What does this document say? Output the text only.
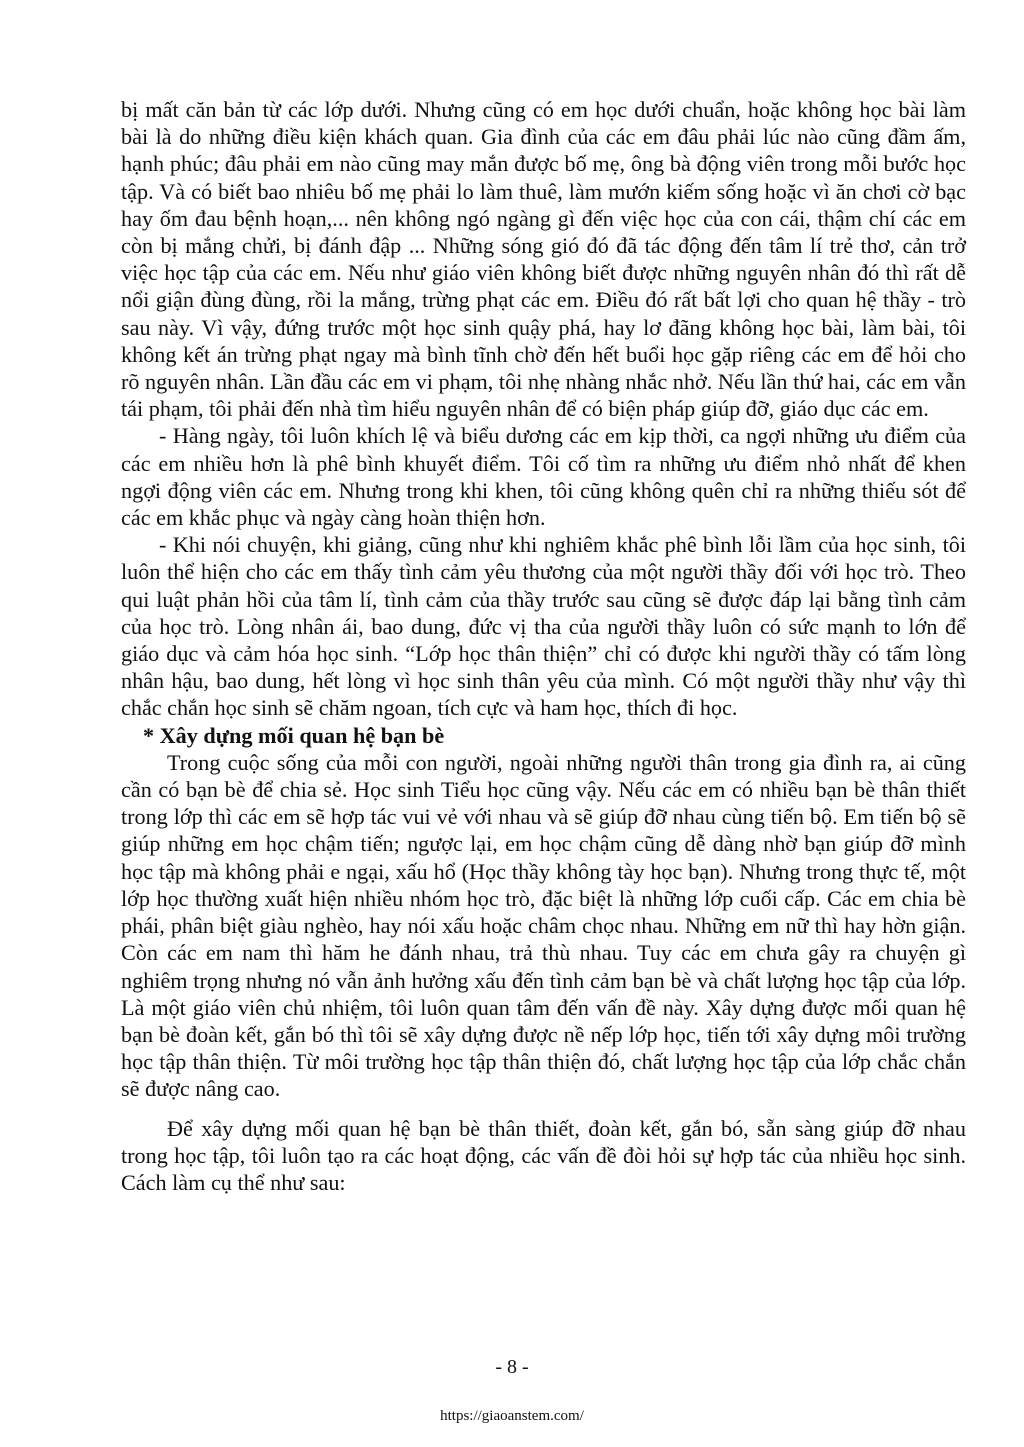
bị mất căn bản từ các lớp dưới. Nhưng cũng có em học dưới chuẩn, hoặc không học bài làm bài là do những điều kiện khách quan. Gia đình của các em đâu phải lúc nào cũng đầm ấm, hạnh phúc; đâu phải em nào cũng may mắn được bố mẹ, ông bà động viên trong mỗi bước học tập. Và có biết bao nhiêu bố mẹ phải lo làm thuê, làm mướn kiếm sống hoặc vì ăn chơi cờ bạc hay ốm đau bệnh hoạn,... nên không ngó ngàng gì đến việc học của con cái, thậm chí các em còn bị mắng chửi, bị đánh đập ... Những sóng gió đó đã tác động đến tâm lí trẻ thơ, cản trở việc học tập của các em. Nếu như giáo viên không biết được những nguyên nhân đó thì rất dễ nổi giận đùng đùng, rồi la mắng, trừng phạt các em. Điều đó rất bất lợi cho quan hệ thầy - trò sau này. Vì vậy, đứng trước một học sinh quậy phá, hay lơ đãng không học bài, làm bài, tôi không kết án trừng phạt ngay mà bình tĩnh chờ đến hết buổi học gặp riêng các em để hỏi cho rõ nguyên nhân. Lần đầu các em vi phạm, tôi nhẹ nhàng nhắc nhở. Nếu lần thứ hai, các em vẫn tái phạm, tôi phải đến nhà tìm hiểu nguyên nhân để có biện pháp giúp đỡ, giáo dục các em.

- Hàng ngày, tôi luôn khích lệ và biểu dương các em kịp thời, ca ngợi những ưu điểm của các em nhiều hơn là phê bình khuyết điểm. Tôi cố tìm ra những ưu điểm nhỏ nhất để khen ngợi động viên các em. Nhưng trong khi khen, tôi cũng không quên chỉ ra những thiếu sót để các em khắc phục và ngày càng hoàn thiện hơn.

- Khi nói chuyện, khi giảng, cũng như khi nghiêm khắc phê bình lỗi lầm của học sinh, tôi luôn thể hiện cho các em thấy tình cảm yêu thương của một người thầy đối với học trò. Theo qui luật phản hồi của tâm lí, tình cảm của thầy trước sau cũng sẽ được đáp lại bằng tình cảm của học trò. Lòng nhân ái, bao dung, đức vị tha của người thầy luôn có sức mạnh to lớn để giáo dục và cảm hóa học sinh. “Lớp học thân thiện” chỉ có được khi người thầy có tấm lòng nhân hậu, bao dung, hết lòng vì học sinh thân yêu của mình. Có một người thầy như vậy thì chắc chắn học sinh sẽ chăm ngoan, tích cực và ham học, thích đi học.

* Xây dựng mối quan hệ bạn bè

Trong cuộc sống của mỗi con người, ngoài những người thân trong gia đình ra, ai cũng cần có bạn bè để chia sẻ. Học sinh Tiểu học cũng vậy. Nếu các em có nhiều bạn bè thân thiết trong lớp thì các em sẽ hợp tác vui vẻ với nhau và sẽ giúp đỡ nhau cùng tiến bộ. Em tiến bộ sẽ giúp những em học chậm tiến; ngược lại, em học chậm cũng dễ dàng nhờ bạn giúp đỡ mình học tập mà không phải e ngại, xấu hổ (Học thầy không tày học bạn). Nhưng trong thực tế, một lớp học thường xuất hiện nhiều nhóm học trò, đặc biệt là những lớp cuối cấp. Các em chia bè phái, phân biệt giàu nghèo, hay nói xấu hoặc châm chọc nhau. Những em nữ thì hay hờn giận. Còn các em nam thì hăm he đánh nhau, trả thù nhau. Tuy các em chưa gây ra chuyện gì nghiêm trọng nhưng nó vẫn ảnh hưởng xấu đến tình cảm bạn bè và chất lượng học tập của lớp. Là một giáo viên chủ nhiệm, tôi luôn quan tâm đến vấn đề này. Xây dựng được mối quan hệ bạn bè đoàn kết, gắn bó thì tôi sẽ xây dựng được nề nếp lớp học, tiến tới xây dựng môi trường học tập thân thiện. Từ môi trường học tập thân thiện đó, chất lượng học tập của lớp chắc chắn sẽ được nâng cao.

Để xây dựng mối quan hệ bạn bè thân thiết, đoàn kết, gắn bó, sẵn sàng giúp đỡ nhau trong học tập, tôi luôn tạo ra các hoạt động, các vấn đề đòi hỏi sự hợp tác của nhiều học sinh. Cách làm cụ thể như sau:

- 8 -
https://giaoanstem.com/
